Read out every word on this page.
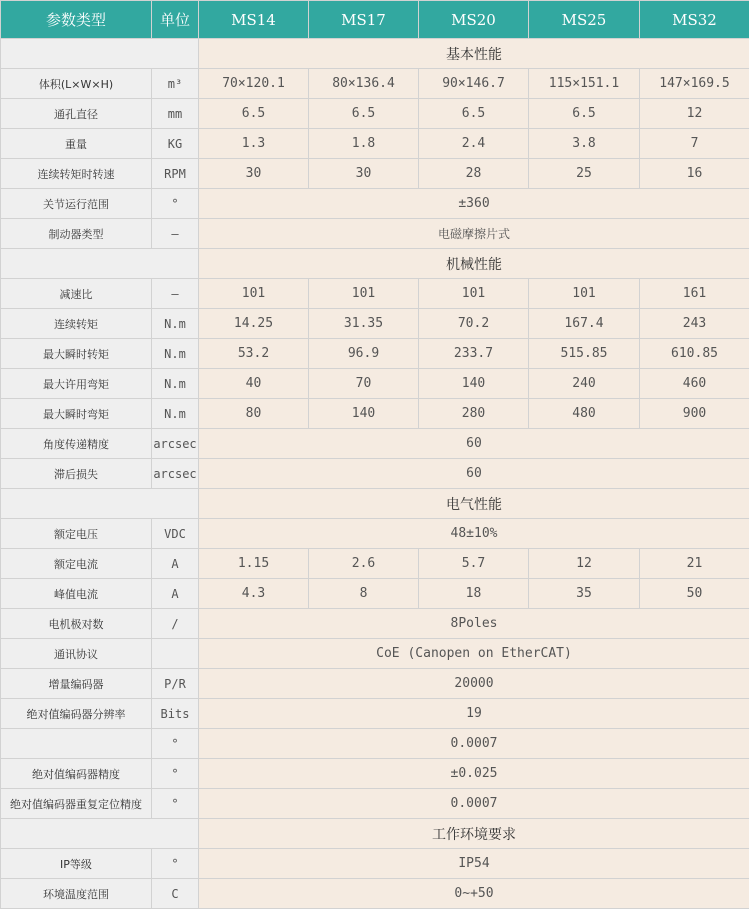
参数类型	单位	MS14	MS17	MS20	MS25	MS32
		基本性能				
体积(L×W×H)	m³	70×120.1	80×136.4	90×146.7	115×151.1	147×169.5
通孔直径	mm	6.5	6.5	6.5	6.5	12
重量	KG	1.3	1.8	2.4	3.8	7
连续转矩时转速	RPM	30	30	28	25	16
关节运行范围	°	±360				
制动器类型	—	电磁摩擦片式				
		机械性能				
减速比	—	101	101	101	101	161
连续转矩	N.m	14.25	31.35	70.2	167.4	243
最大瞬时转矩	N.m	53.2	96.9	233.7	515.85	610.85
最大许用弯矩	N.m	40	70	140	240	460
最大瞬时弯矩	N.m	80	140	280	480	900
角度传递精度	arcsec	60				
滞后损失	arcsec	60				
		电气性能				
额定电压	VDC	48±10%				
额定电流	A	1.15	2.6	5.7	12	21
峰值电流	A	4.3	8	18	35	50
电机极对数	/	8Poles				
通讯协议		CoE (Canopen on EtherCAT)				
增量编码器	P/R	20000				
绝对值编码器分辨率	Bits	19				
	°	0.0007				
绝对值编码器精度	°	±0.025				
绝对值编码器重复定位精度	°	0.0007				
		工作环境要求				
IP等级	°	IP54				
环境温度范围	C	0~+50				
